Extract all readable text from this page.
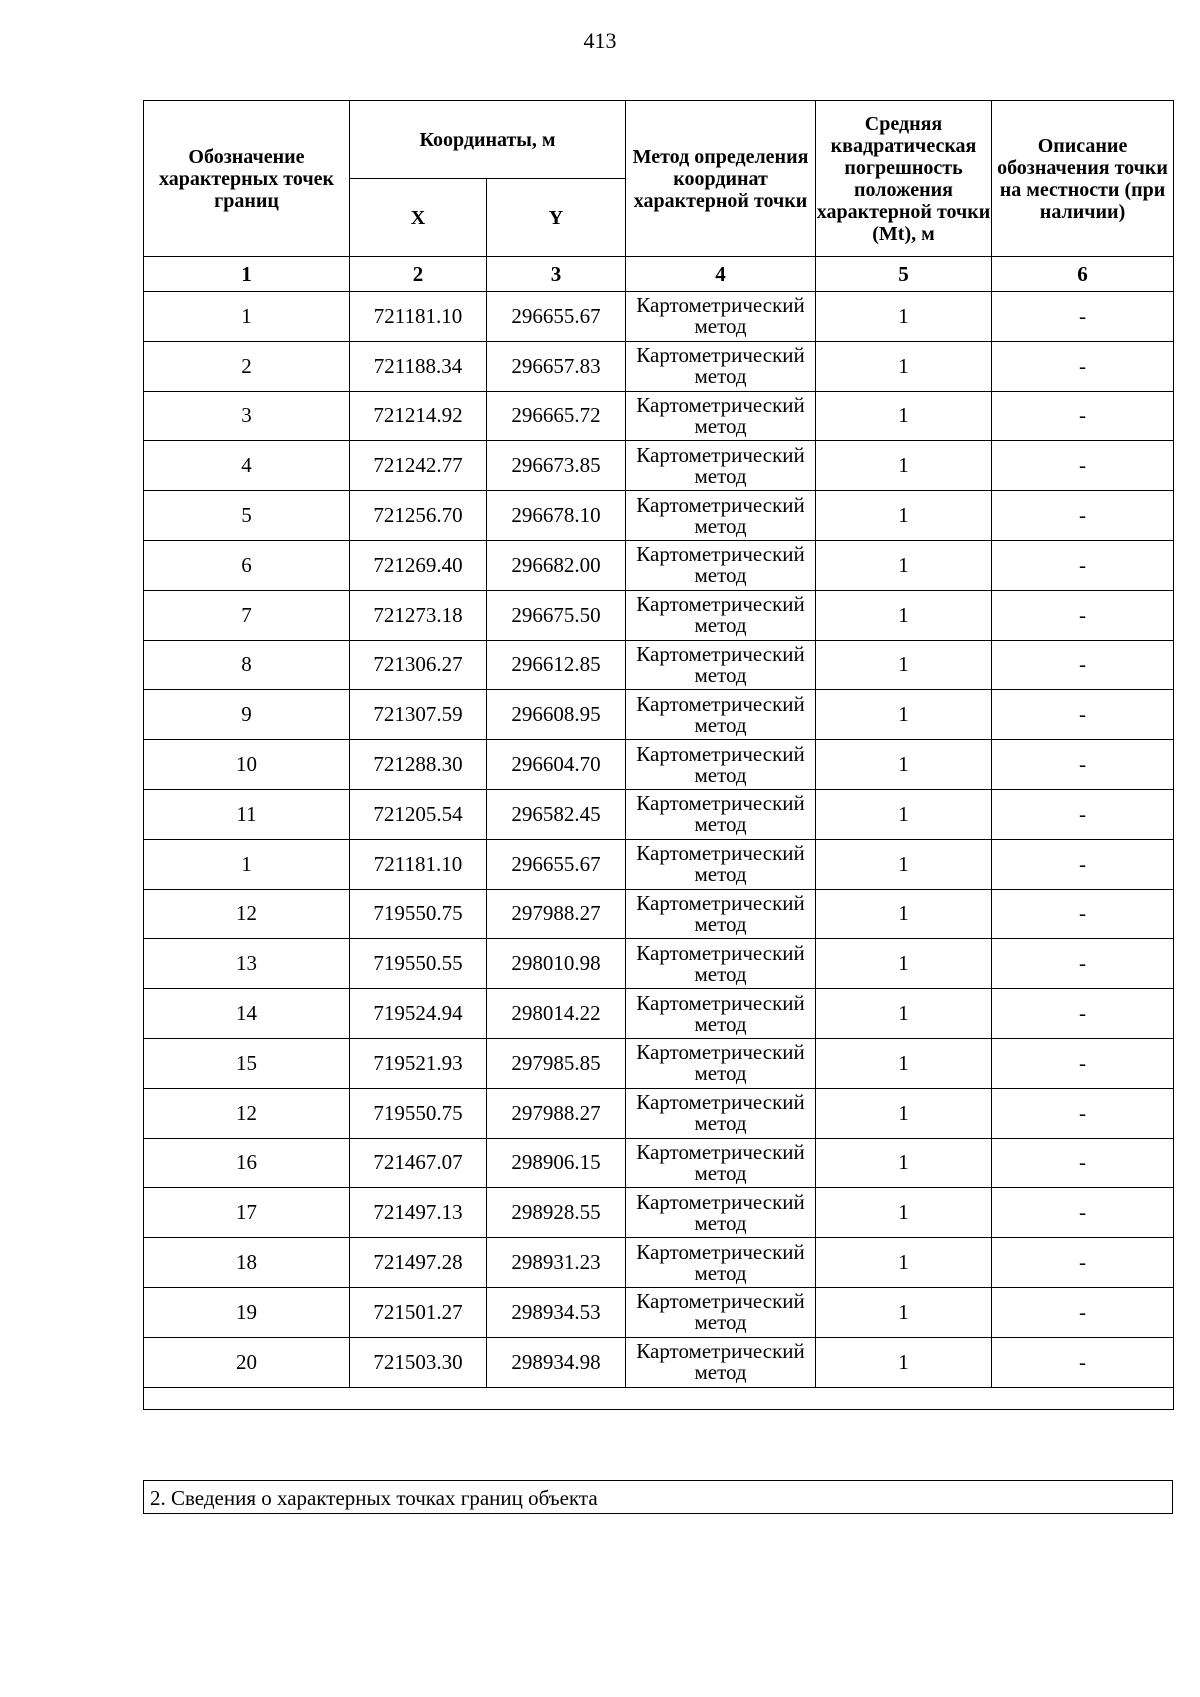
413
Обозначение характерных точек границ	Координаты, м		Метод определения координат характерной точки	Средняя квадратическая погрешность положения характерной точки (Mt), м	Описание обозначения точки на местности (при наличии)
	X	Y			
1	2	3	4	5	6
1	721181.10	296655.67	Картометрический метод	1	-
2	721188.34	296657.83	Картометрический метод	1	-
3	721214.92	296665.72	Картометрический метод	1	-
4	721242.77	296673.85	Картометрический метод	1	-
5	721256.70	296678.10	Картометрический метод	1	-
6	721269.40	296682.00	Картометрический метод	1	-
7	721273.18	296675.50	Картометрический метод	1	-
8	721306.27	296612.85	Картометрический метод	1	-
9	721307.59	296608.95	Картометрический метод	1	-
10	721288.30	296604.70	Картометрический метод	1	-
11	721205.54	296582.45	Картометрический метод	1	-
1	721181.10	296655.67	Картометрический метод	1	-
12	719550.75	297988.27	Картометрический метод	1	-
13	719550.55	298010.98	Картометрический метод	1	-
14	719524.94	298014.22	Картометрический метод	1	-
15	719521.93	297985.85	Картометрический метод	1	-
12	719550.75	297988.27	Картометрический метод	1	-
16	721467.07	298906.15	Картометрический метод	1	-
17	721497.13	298928.55	Картометрический метод	1	-
18	721497.28	298931.23	Картометрический метод	1	-
19	721501.27	298934.53	Картометрический метод	1	-
20	721503.30	298934.98	Картометрический метод	1	-

2. Сведения о характерных точках границ объекта
